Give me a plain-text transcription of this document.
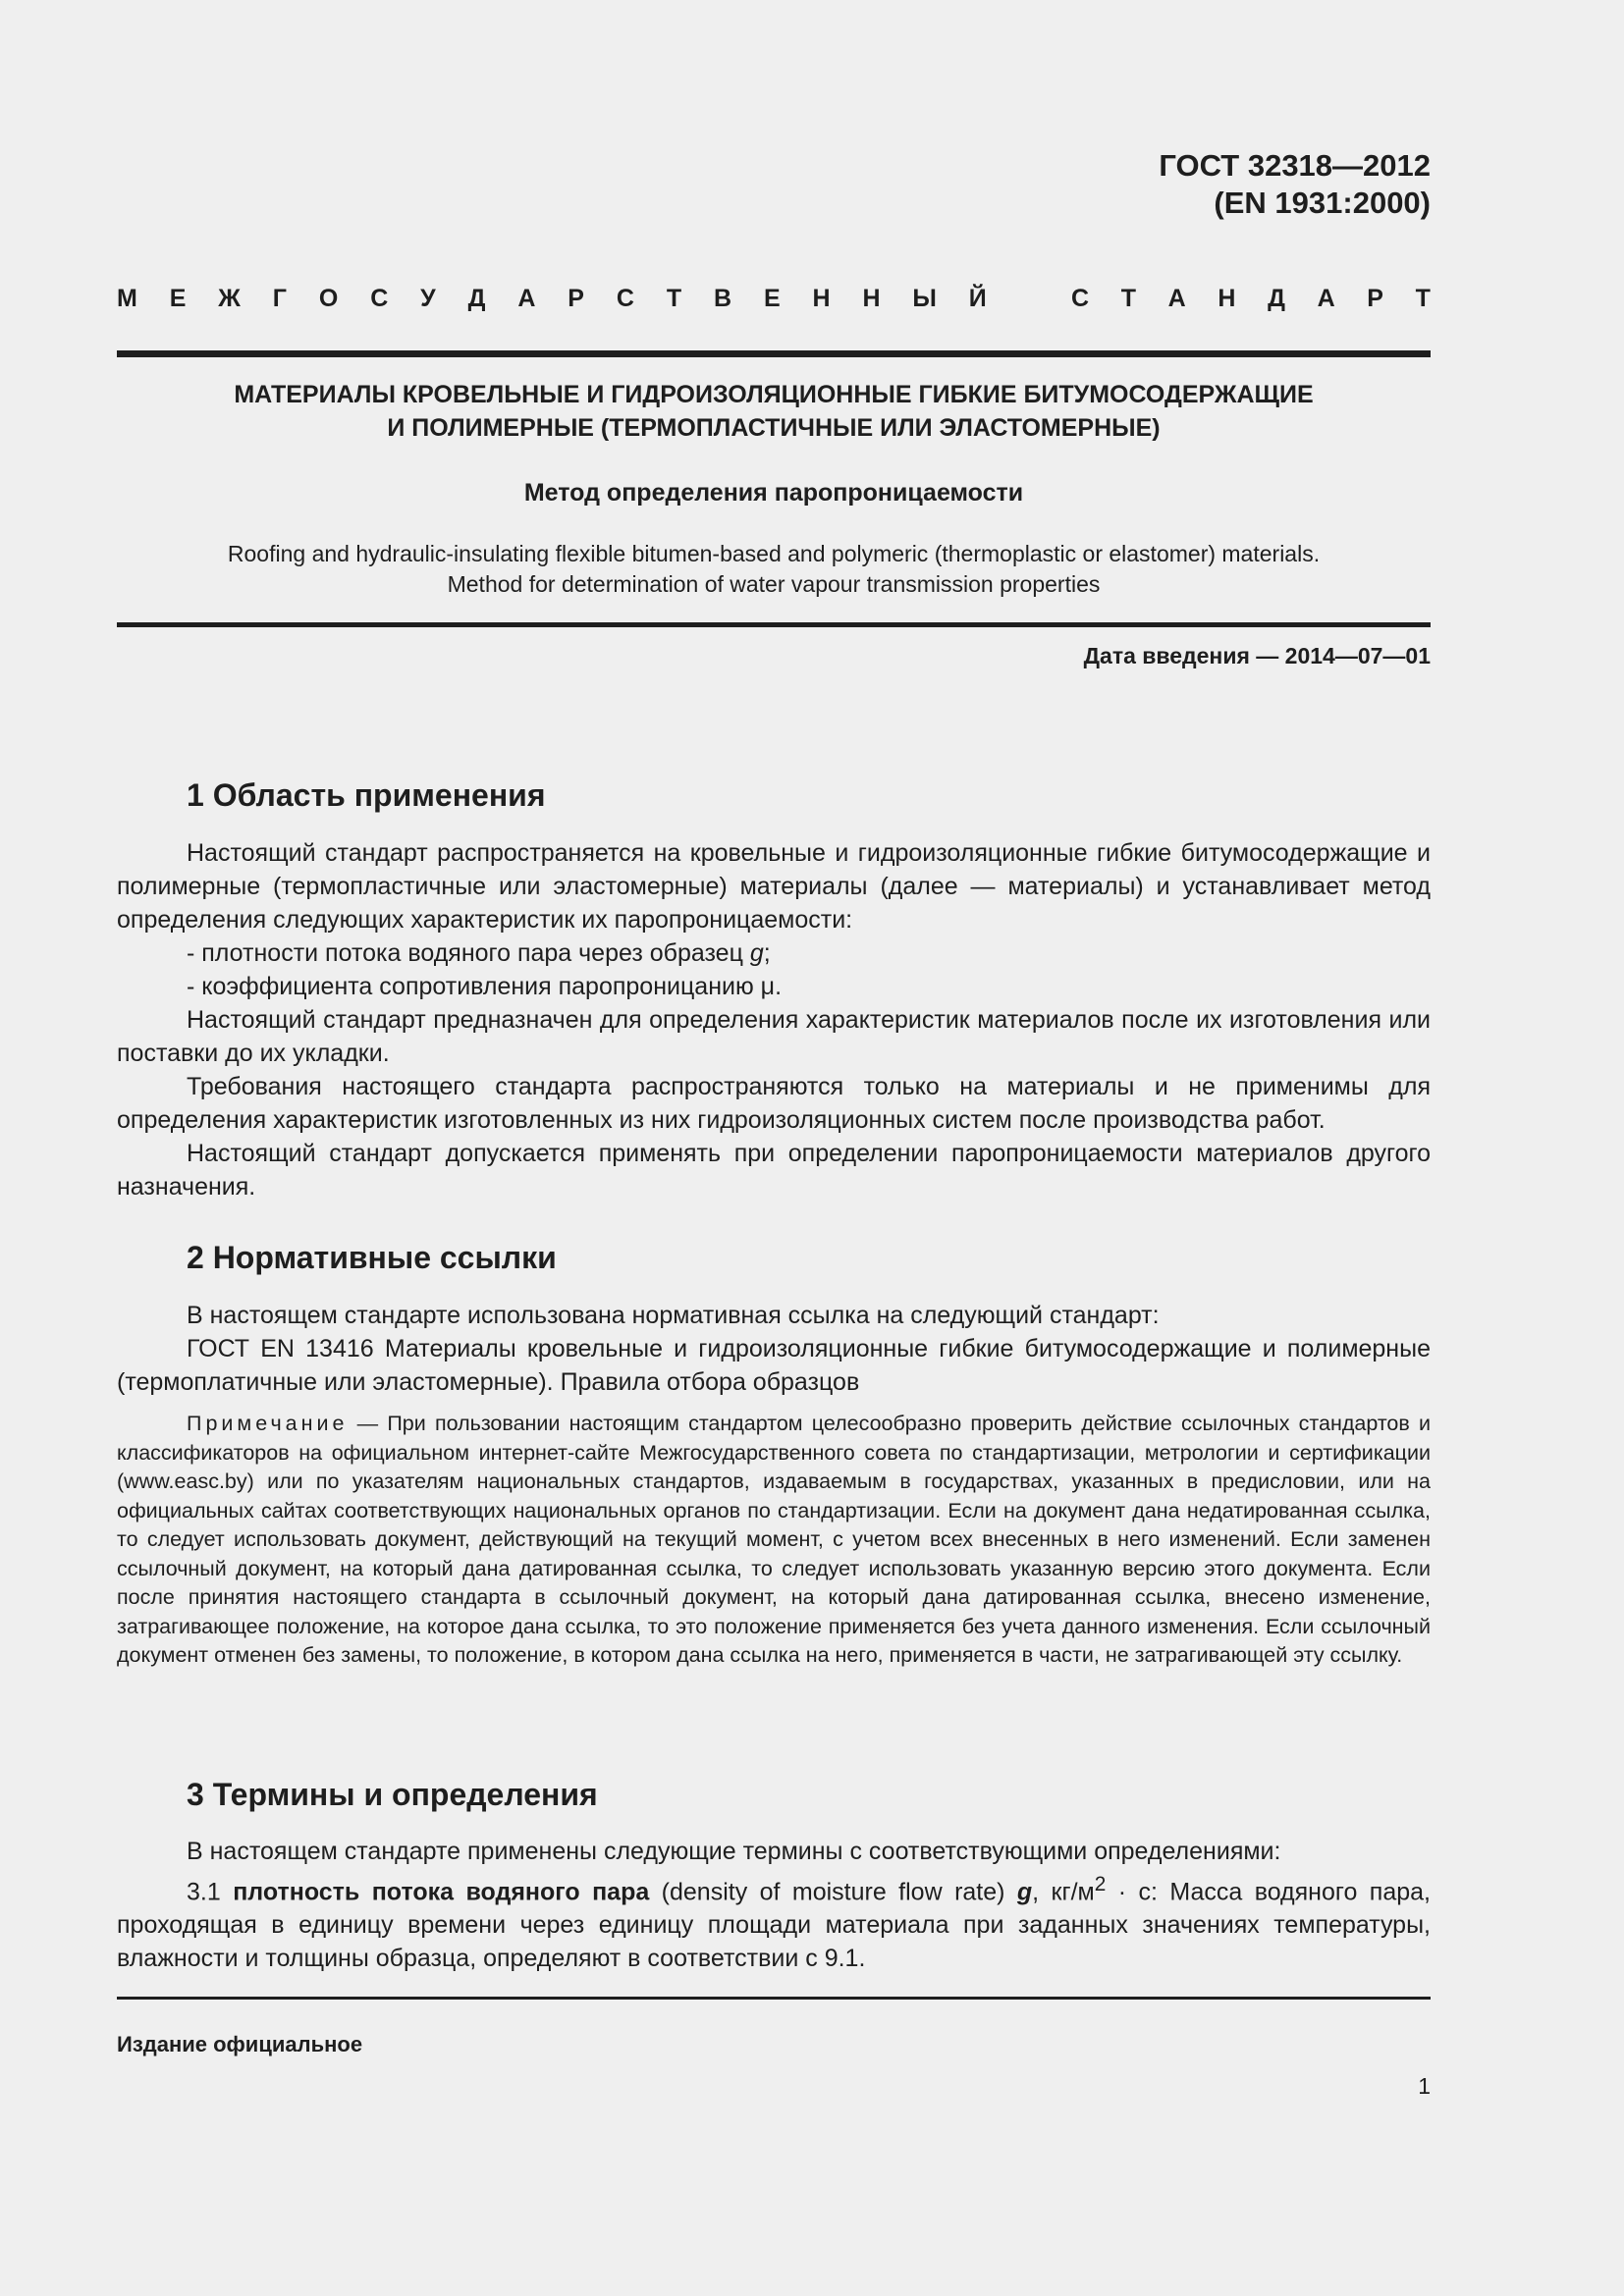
ГОСТ 32318—2012
(EN 1931:2000)
М Е Ж Г О С У Д А Р С Т В Е Н Н Ы Й	С Т А Н Д А Р Т
МАТЕРИАЛЫ КРОВЕЛЬНЫЕ И ГИДРОИЗОЛЯЦИОННЫЕ ГИБКИЕ БИТУМОСОДЕРЖАЩИЕ
И ПОЛИМЕРНЫЕ (ТЕРМОПЛАСТИЧНЫЕ ИЛИ ЭЛАСТОМЕРНЫЕ)
Метод определения паропроницаемости
Roofing and hydraulic-insulating flexible bitumen-based and polymeric (thermoplastic or elastomer) materials.
Method for determination of water vapour transmission properties
Дата введения — 2014—07—01
1 Область применения

Настоящий стандарт распространяется на кровельные и гидроизоляционные гибкие битумосодержащие и полимерные (термопластичные или эластомерные) материалы (далее — материалы) и устанавливает метод определения следующих характеристик их паропроницаемости:

- плотности потока водяного пара через образец g;

- коэффициента сопротивления паропроницанию μ.

Настоящий стандарт предназначен для определения характеристик материалов после их изготовления или поставки до их укладки.

Требования настоящего стандарта распространяются только на материалы и не применимы для определения характеристик изготовленных из них гидроизоляционных систем после производства работ.

Настоящий стандарт допускается применять при определении паропроницаемости материалов другого назначения.

2 Нормативные ссылки

В настоящем стандарте использована нормативная ссылка на следующий стандарт:

ГОСТ EN 13416 Материалы кровельные и гидроизоляционные гибкие битумосодержащие и полимерные (термоплатичные или эластомерные). Правила отбора образцов

Примечание — При пользовании настоящим стандартом целесообразно проверить действие ссылочных стандартов и классификаторов на официальном интернет-сайте Межгосударственного совета по стандартизации, метрологии и сертификации (www.easc.by) или по указателям национальных стандартов, издаваемым в государствах, указанных в предисловии, или на официальных сайтах соответствующих национальных органов по стандартизации. Если на документ дана недатированная ссылка, то следует использовать документ, действующий на текущий момент, с учетом всех внесенных в него изменений. Если заменен ссылочный документ, на который дана датированная ссылка, то следует использовать указанную версию этого документа. Если после принятия настоящего стандарта в ссылочный документ, на который дана датированная ссылка, внесено изменение, затрагивающее положение, на которое дана ссылка, то это положение применяется без учета данного изменения. Если ссылочный документ отменен без замены, то положение, в котором дана ссылка на него, применяется в части, не затрагивающей эту ссылку.

3 Термины и определения

В настоящем стандарте применены следующие термины с соответствующими определениями:

3.1 плотность потока водяного пара (density of moisture flow rate) g, $кг/м^2 \cdot с$: Масса водяного пара, проходящая в единицу времени через единицу площади материала при заданных значениях температуры, влажности и толщины образца, определяют в соответствии с 9.1.

Издание официальное
1
